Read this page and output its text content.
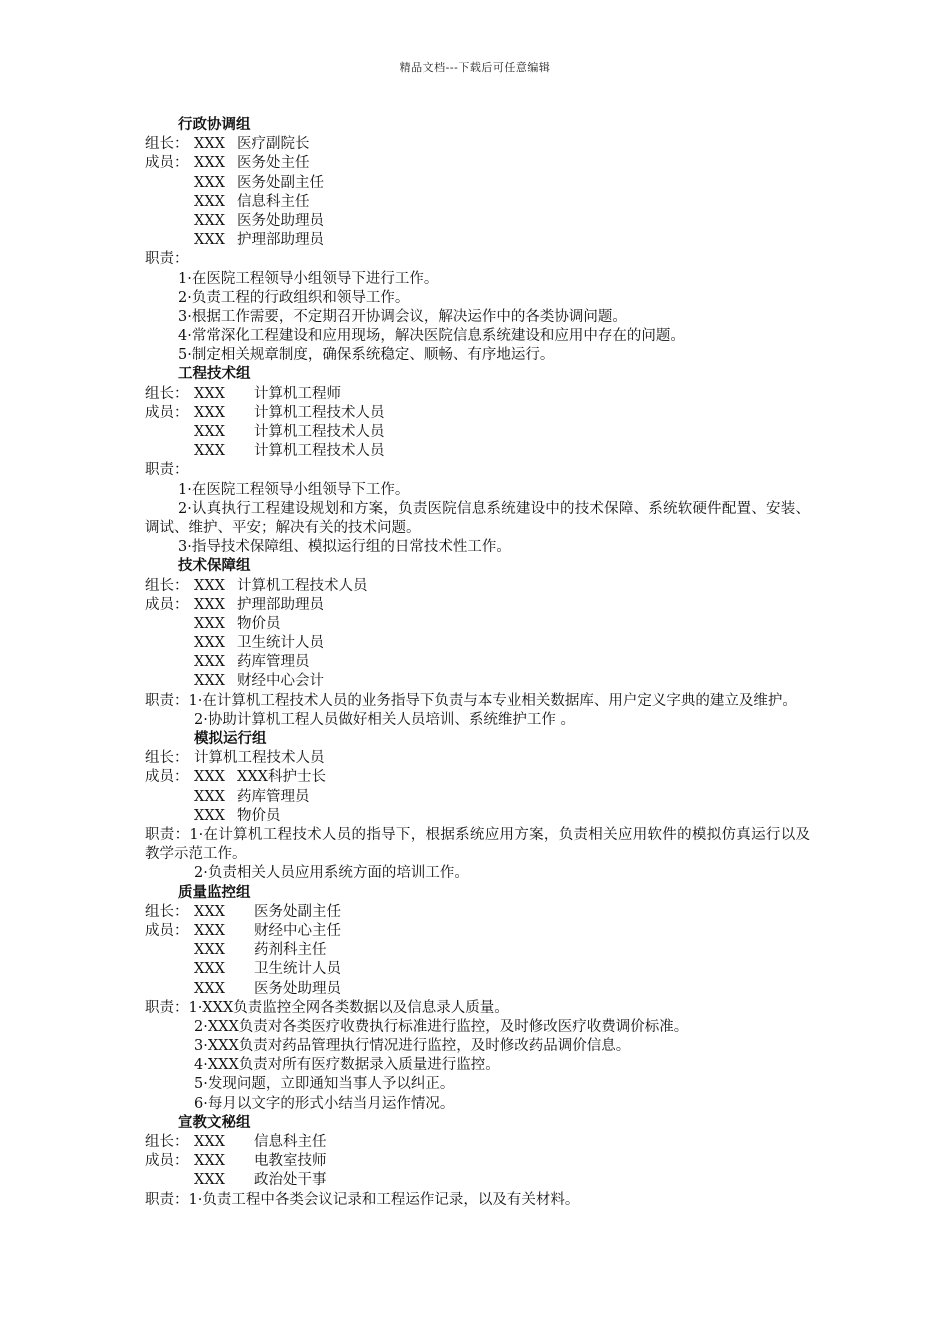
精品文档---下载后可任意编辑
行政协调组
组长： XXX 医疗副院长
成员： XXX 医务处主任
XXX 医务处副主任
XXX 信息科主任
XXX 医务处助理员
XXX 护理部助理员
职责：
1·在医院工程领导小组领导下进行工作。
2·负责工程的行政组织和领导工作。
3·根据工作需要，不定期召开协调会议，解决运作中的各类协调问题。
4·常常深化工程建设和应用现场，解决医院信息系统建设和应用中存在的问题。
5·制定相关规章制度，确保系统稳定、顺畅、有序地运行。
工程技术组
组长： XXX 计算机工程师
成员： XXX 计算机工程技术人员
XXX 计算机工程技术人员
XXX 计算机工程技术人员
职责：
1·在医院工程领导小组领导下工作。
2·认真执行工程建设规划和方案，负责医院信息系统建设中的技术保障、系统软硬件配置、安装、调试、维护、平安；解决有关的技术问题。
3·指导技术保障组、模拟运行组的日常技术性工作。
技术保障组
组长： XXX 计算机工程技术人员
成员： XXX 护理部助理员
XXX 物价员
XXX 卫生统计人员
XXX 药库管理员
XXX 财经中心会计
职责：1·在计算机工程技术人员的业务指导下负责与本专业相关数据库、用户定义字典的建立及维护。
2·协助计算机工程人员做好相关人员培训、系统维护工作 。
模拟运行组
组长： 计算机工程技术人员
成员： XXX XXX科护士长
XXX 药库管理员
XXX 物价员
职责：1·在计算机工程技术人员的指导下，根据系统应用方案，负责相关应用软件的模拟仿真运行以及教学示范工作。
2·负责相关人员应用系统方面的培训工作。
质量监控组
组长： XXX 医务处副主任
成员： XXX 财经中心主任
XXX 药剂科主任
XXX 卫生统计人员
XXX 医务处助理员
职责：1·XXX负责监控全网各类数据以及信息录人质量。
2·XXX负责对各类医疗收费执行标准进行监控，及时修改医疗收费调价标准。
3·XXX负责对药品管理执行情况进行监控，及时修改药品调价信息。
4·XXX负责对所有医疗数据录入质量进行监控。
5·发现问题，立即通知当事人予以纠正。
6·每月以文字的形式小结当月运作情况。
宣教文秘组
组长： XXX 信息科主任
成员： XXX 电教室技师
XXX 政治处干事
职责：1·负责工程中各类会议记录和工程运作记录，以及有关材料。
